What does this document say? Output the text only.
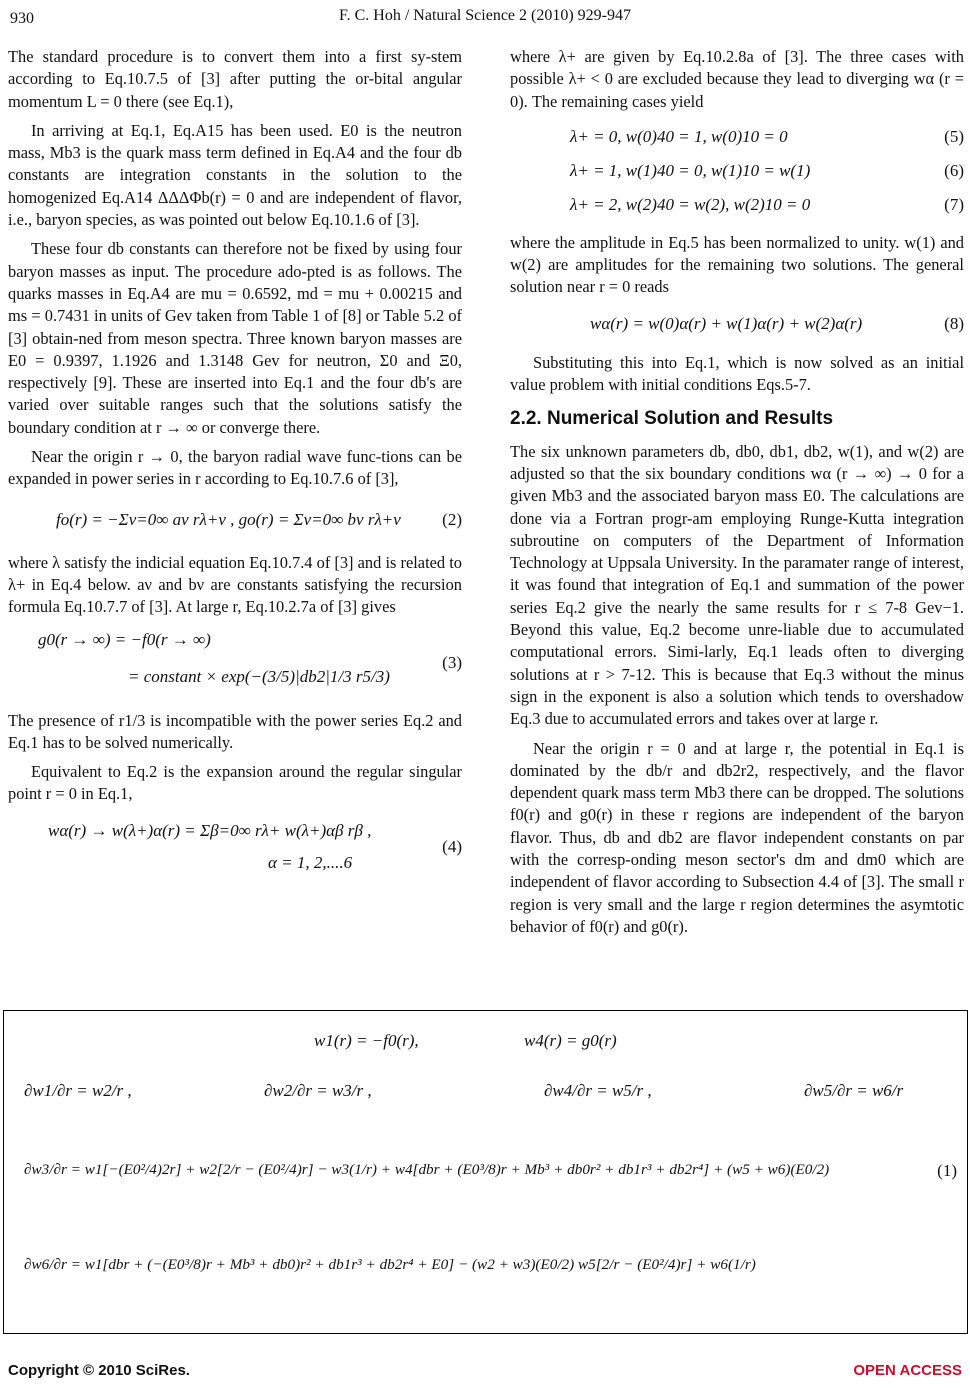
930	F. C. Hoh / Natural Science 2 (2010) 929-947

The standard procedure is to convert them into a first sy-stem according to Eq.10.7.5 of [3] after putting the or-bital angular momentum L = 0 there (see Eq.1),

In arriving at Eq.1, Eq.A15 has been used. E0 is the neutron mass, Mb3 is the quark mass term defined in Eq.A4 and the four db constants are integration constants in the solution to the homogenized Eq.A14 ΔΔΔΦb(r) = 0 and are independent of flavor, i.e., baryon species, as was pointed out below Eq.10.1.6 of [3].

These four db constants can therefore not be fixed by using four baryon masses as input. The procedure ado-pted is as follows. The quarks masses in Eq.A4 are mu = 0.6592, md = mu + 0.00215 and ms = 0.7431 in units of Gev taken from Table 1 of [8] or Table 5.2 of [3] obtain-ned from meson spectra. Three known baryon masses are E0 = 0.9397, 1.1926 and 1.3148 Gev for neutron, Σ0 and Ξ0, respectively [9]. These are inserted into Eq.1 and the four db's are varied over suitable ranges such that the solutions satisfy the boundary condition at r → ∞ or converge there.

Near the origin r → 0, the baryon radial wave func-tions can be expanded in power series in r according to Eq.10.7.6 of [3],

fo(r) = −Σν=0∞ aν rλ+ν , go(r) = Σν=0∞ bν rλ+ν (2)

where λ satisfy the indicial equation Eq.10.7.4 of [3] and is related to λ+ in Eq.4 below. aν and bν are constants satisfying the recursion formula Eq.10.7.7 of [3]. At large r, Eq.10.2.7a of [3] gives

g0(r → ∞) = −f0(r → ∞)
= constant × exp(−(3/5)|db2|1/3 r5/3)
(3)

The presence of r1/3 is incompatible with the power series Eq.2 and Eq.1 has to be solved numerically.

Equivalent to Eq.2 is the expansion around the regular singular point r = 0 in Eq.1,

wα(r) → w(λ+)α(r) = Σβ=0∞ rλ+ w(λ+)αβ rβ ,
α = 1, 2,....6
(4)

where λ+ are given by Eq.10.2.8a of [3]. The three cases with possible λ+ < 0 are excluded because they lead to diverging wα (r = 0). The remaining cases yield

λ+ = 0, w(0)40 = 1, w(0)10 = 0	(5)
λ+ = 1, w(1)40 = 0, w(1)10 = w(1)	(6)
λ+ = 2, w(2)40 = w(2), w(2)10 = 0	(7)

where the amplitude in Eq.5 has been normalized to unity. w(1) and w(2) are amplitudes for the remaining two solutions. The general solution near r = 0 reads

wα(r) = w(0)α(r) + w(1)α(r) + w(2)α(r)	(8)

Substituting this into Eq.1, which is now solved as an initial value problem with initial conditions Eqs.5-7.

2.2. Numerical Solution and Results

The six unknown parameters db, db0, db1, db2, w(1), and w(2) are adjusted so that the six boundary conditions wα (r → ∞) → 0 for a given Mb3 and the associated baryon mass E0. The calculations are done via a Fortran progr-am employing Runge-Kutta integration subroutine on computers of the Department of Information Technology at Uppsala University. In the paramater range of interest, it was found that integration of Eq.1 and summation of the power series Eq.2 give the nearly the same results for r ≤ 7-8 Gev−1. Beyond this value, Eq.2 become unre-liable due to accumulated computational errors. Simi-larly, Eq.1 leads often to diverging solutions at r > 7-12. This is because that Eq.3 without the minus sign in the exponent is also a solution which tends to overshadow Eq.3 due to accumulated errors and takes over at large r.

Near the origin r = 0 and at large r, the potential in Eq.1 is dominated by the db/r and db2r2, respectively, and the flavor dependent quark mass term Mb3 there can be dropped. The solutions f0(r) and g0(r) in these r regions are independent of the baryon flavor. Thus, db and db2 are flavor independent constants on par with the corresp-onding meson sector's dm and dm0 which are independent of flavor according to Subsection 4.4 of [3]. The small r region is very small and the large r region determines the asymtotic behavior of f0(r) and g0(r).

w1(r) = −f0(r),	w4(r) = g0(r)
∂w1/∂r = w2/r ,	∂w2/∂r = w3/r ,	∂w4/∂r = w5/r ,	∂w5/∂r = w6/r
∂w3/∂r = w1[−(E0²/4)2r] + w2[2/r − (E0²/4)r] − w3(1/r) + w4[dbr + (E0³/8)r + Mb³ + db0r² + db1r³ + db2r⁴] + (w5 + w6)(E0/2)	(1)
∂w6/∂r = w1[dbr + (−(E0³/8)r + Mb³ + db0)r² + db1r³ + db2r⁴ + E0] − (w2 + w3)(E0/2) w5[2/r − (E0²/4)r] + w6(1/r)
Copyright © 2010 SciRes.	OPEN ACCESS
